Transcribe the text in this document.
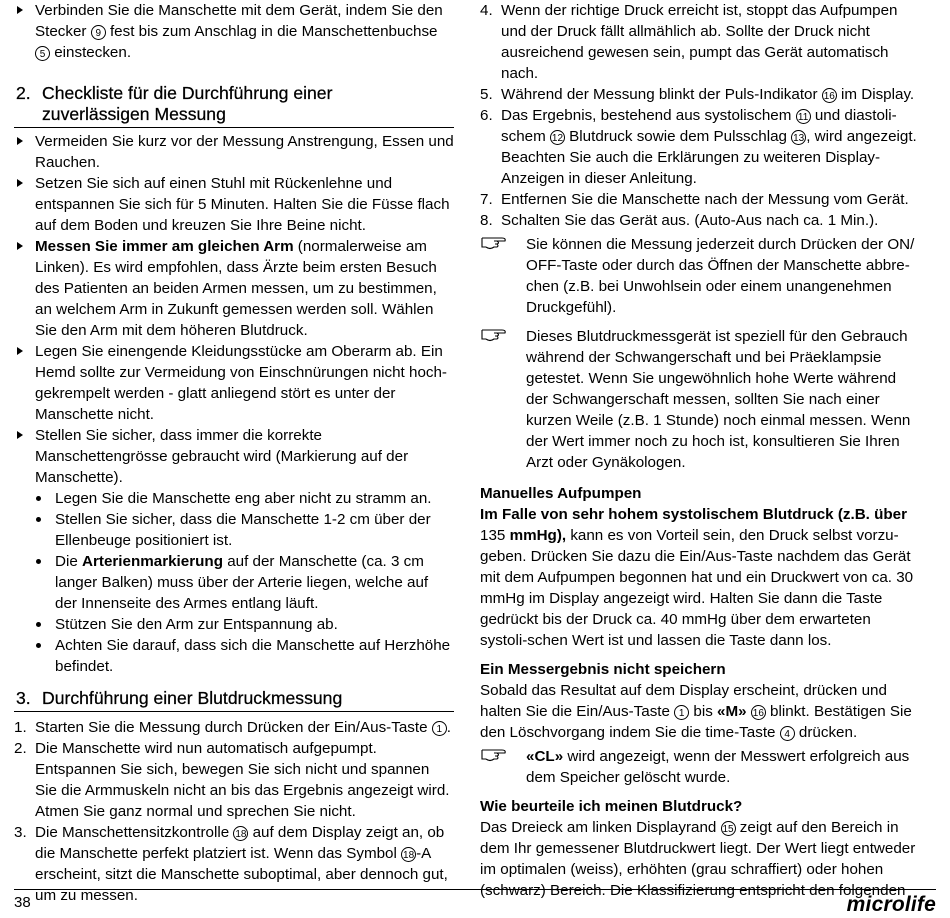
Verbinden Sie die Manschette mit dem Gerät, indem Sie den Stecker 9 fest bis zum Anschlag in die Manschettenbuchse 5 einstecken.

2. Checkliste für die Durchführung einer
zuverlässigen Messung

Vermeiden Sie kurz vor der Messung Anstrengung, Essen und Rauchen.

Setzen Sie sich auf einen Stuhl mit Rückenlehne und entspannen Sie sich für 5 Minuten. Halten Sie die Füsse flach auf dem Boden und kreuzen Sie Ihre Beine nicht.

Messen Sie immer am gleichen Arm (normalerweise am Linken). Es wird empfohlen, dass Ärzte beim ersten Besuch des Patienten an beiden Armen messen, um zu bestimmen, an welchem Arm in Zukunft gemessen werden soll. Wählen Sie den Arm mit dem höheren Blutdruck.

Legen Sie einengende Kleidungsstücke am Oberarm ab. Ein Hemd sollte zur Vermeidung von Einschnürungen nicht hoch-gekrempelt werden - glatt anliegend stört es unter der Manschette nicht.

Stellen Sie sicher, dass immer die korrekte Manschettengrösse gebraucht wird (Markierung auf der Manschette).

Legen Sie die Manschette eng aber nicht zu stramm an.

Stellen Sie sicher, dass die Manschette 1-2 cm über der Ellenbeuge positioniert ist.

Die Arterienmarkierung auf der Manschette (ca. 3 cm langer Balken) muss über der Arterie liegen, welche auf der Innenseite des Armes entlang läuft.

Stützen Sie den Arm zur Entspannung ab.

Achten Sie darauf, dass sich die Manschette auf Herzhöhe befindet.

3. Durchführung einer Blutdruckmessung

1. Starten Sie die Messung durch Drücken der Ein/Aus-Taste 1 .

2. Die Manschette wird nun automatisch aufgepumpt. Entspannen Sie sich, bewegen Sie sich nicht und spannen Sie die Armmuskeln nicht an bis das Ergebnis angezeigt wird. Atmen Sie ganz normal und sprechen Sie nicht.

3. Die Manschettensitzkontrolle 18 auf dem Display zeigt an, ob die Manschette perfekt platziert ist. Wenn das Symbol 18 -A erscheint, sitzt die Manschette suboptimal, aber dennoch gut, um zu messen.

4. Wenn der richtige Druck erreicht ist, stoppt das Aufpumpen und der Druck fällt allmählich ab. Sollte der Druck nicht ausreichend gewesen sein, pumpt das Gerät automatisch nach.

5. Während der Messung blinkt der Puls-Indikator 16 im Display.

6. Das Ergebnis, bestehend aus systolischem 11 und diastoli-schem 12 Blutdruck sowie dem Pulsschlag 13 , wird angezeigt. Beachten Sie auch die Erklärungen zu weiteren Display-Anzeigen in dieser Anleitung.

7. Entfernen Sie die Manschette nach der Messung vom Gerät.

8. Schalten Sie das Gerät aus. (Auto-Aus nach ca. 1 Min.).

Sie können die Messung jederzeit durch Drücken der ON/ OFF-Taste oder durch das Öffnen der Manschette abbre-chen (z.B. bei Unwohlsein oder einem unangenehmen Druckgefühl).

Dieses Blutdruckmessgerät ist speziell für den Gebrauch während der Schwangerschaft und bei Präeklampsie getestet. Wenn Sie ungewöhnlich hohe Werte während der Schwangerschaft messen, sollten Sie nach einer kurzen Weile (z.B. 1 Stunde) noch einmal messen. Wenn der Wert immer noch zu hoch ist, konsultieren Sie Ihren Arzt oder Gynäkologen.

Manuelles Aufpumpen

Im Falle von sehr hohem systolischem Blutdruck (z.B. über 135 mmHg), kann es von Vorteil sein, den Druck selbst vorzu-geben. Drücken Sie dazu die Ein/Aus-Taste nachdem das Gerät mit dem Aufpumpen begonnen hat und ein Druckwert von ca. 30 mmHg im Display angezeigt wird. Halten Sie dann die Taste gedrückt bis der Druck ca. 40 mmHg über dem erwarteten systoli-schen Wert ist und lassen die Taste dann los.

Ein Messergebnis nicht speichern

Sobald das Resultat auf dem Display erscheint, drücken und halten Sie die Ein/Aus-Taste 1 bis «M» 16 blinkt. Bestätigen Sie den Löschvorgang indem Sie die time-Taste 4 drücken.

«CL» wird angezeigt, wenn der Messwert erfolgreich aus dem Speicher gelöscht wurde.

Wie beurteile ich meinen Blutdruck?

Das Dreieck am linken Displayrand 15 zeigt auf den Bereich in dem Ihr gemessener Blutdruckwert liegt. Der Wert liegt entweder im optimalen (weiss), erhöhten (grau schraffiert) oder hohen (schwarz) Bereich. Die Klassifizierung entspricht den folgenden

38	microlife
